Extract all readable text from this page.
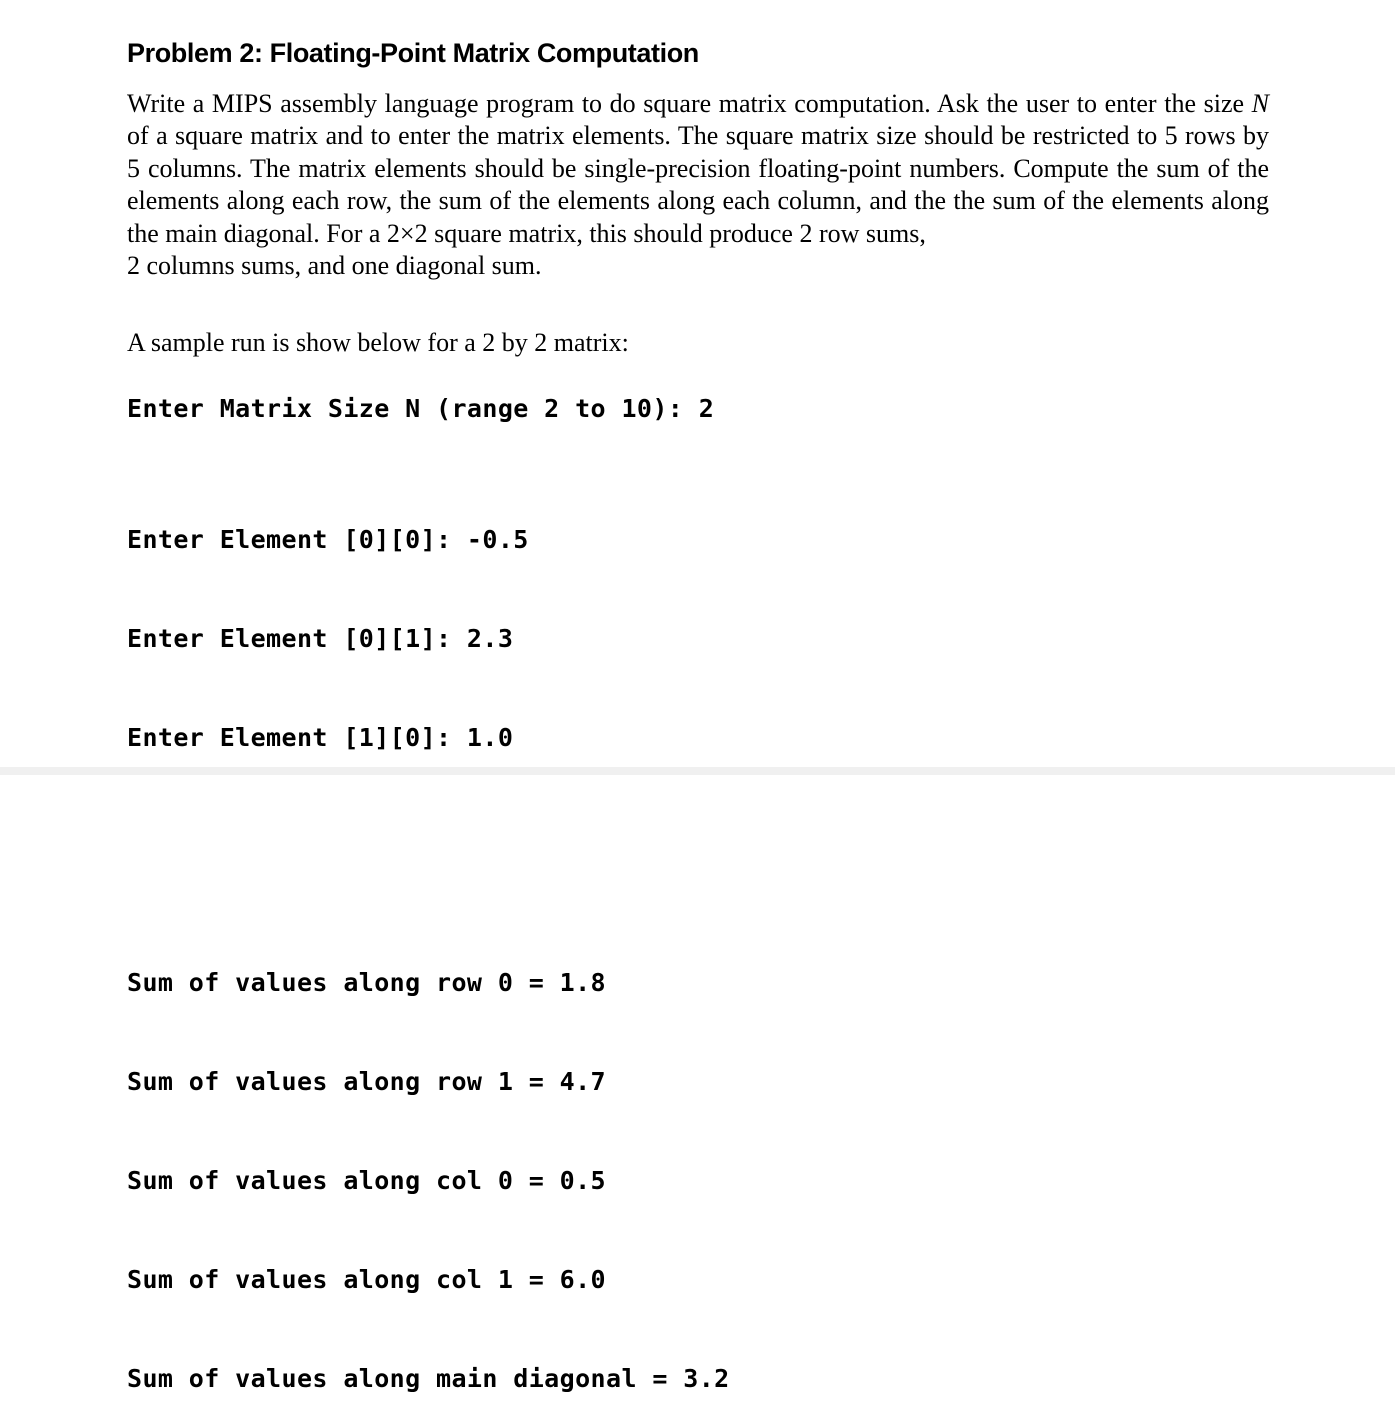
Problem 2: Floating-Point Matrix Computation

Write a MIPS assembly language program to do square matrix computation. Ask the user to enter the size N of a square matrix and to enter the matrix elements. The square matrix size should be restricted to 5 rows by 5 columns. The matrix elements should be single-precision floating-point numbers. Compute the sum of the elements along each row, the sum of the elements along each column, and the the sum of the elements along the main diagonal. For a 2×2 square matrix, this should produce 2 row sums,
2 columns sums, and one diagonal sum.

A sample run is show below for a 2 by 2 matrix:

Enter Matrix Size N (range 2 to 10): 2

Enter Element [0][0]: -0.5

Enter Element [0][1]: 2.3

Enter Element [1][0]: 1.0

Sum of values along row 0 = 1.8

Sum of values along row 1 = 4.7

Sum of values along col 0 = 0.5

Sum of values along col 1 = 6.0

Sum of values along main diagonal = 3.2
